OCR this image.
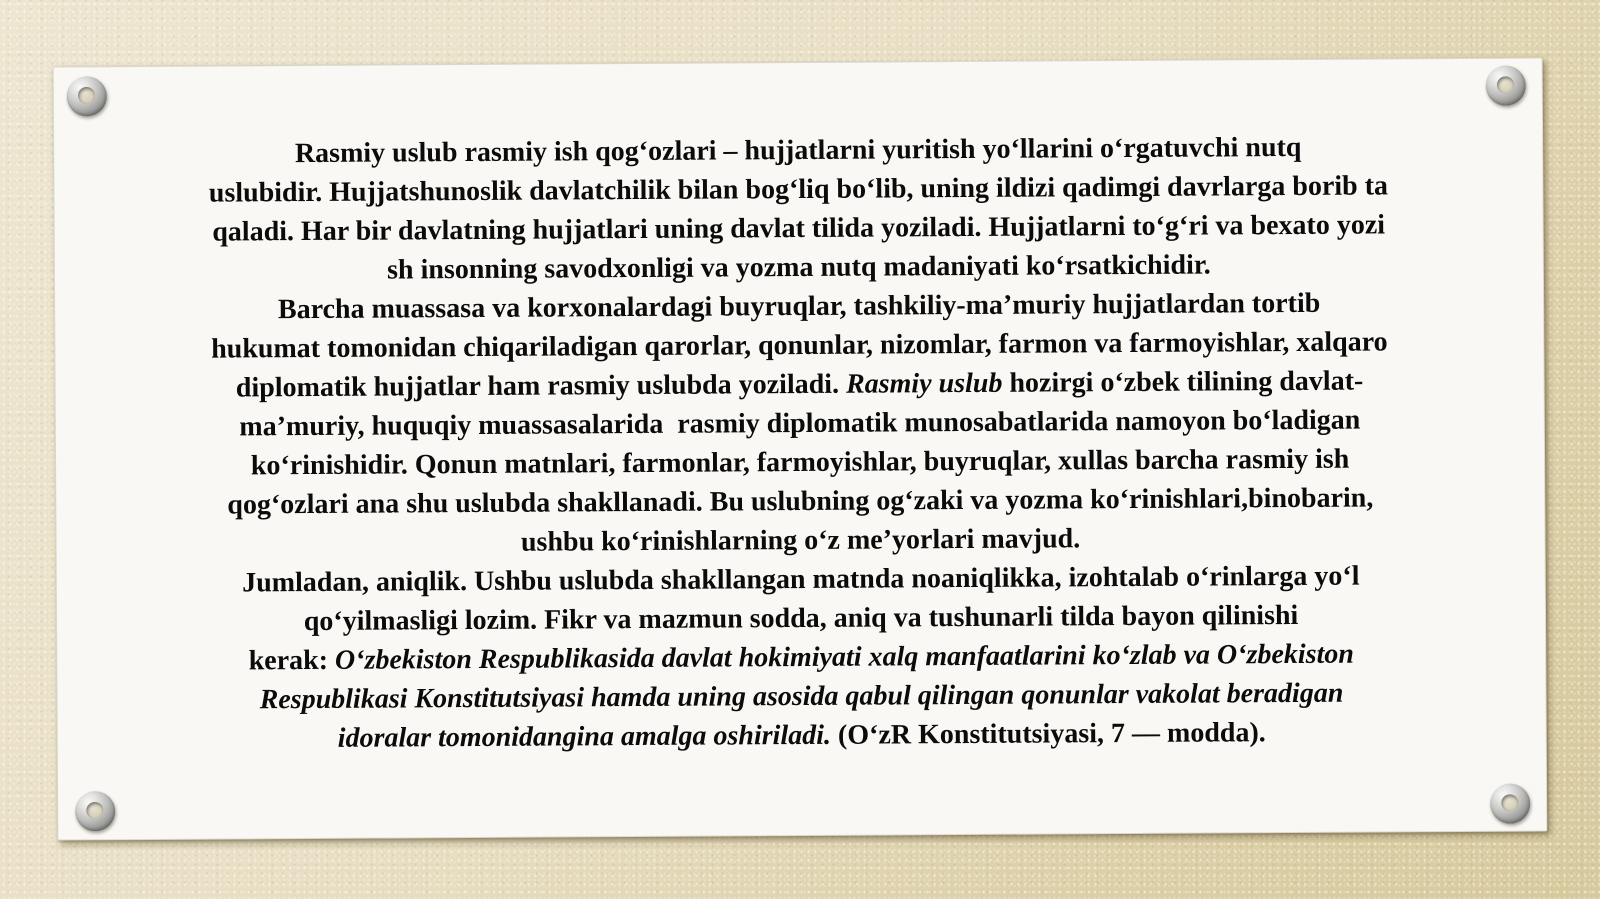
Rasmiy uslub rasmiy ish qog‘ozlari – hujjatlarni yuritish yo‘llarini o‘rgatuvchi nutq
uslubidir. Hujjatshunoslik davlatchilik bilan bog‘liq bo‘lib, uning ildizi qadimgi davrlarga borib ta
qaladi. Har bir davlatning hujjatlari uning davlat tilida yoziladi. Hujjatlarni to‘g‘ri va bexato yozi
sh insonning savodxonligi va yozma nutq madaniyati ko‘rsatkichidir.
Barcha muassasa va korxonalardagi buyruqlar, tashkiliy-ma’muriy hujjatlardan tortib
hukumat tomonidan chiqariladigan qarorlar, qonunlar, nizomlar, farmon va farmoyishlar, xalqaro
diplomatik hujjatlar ham rasmiy uslubda yoziladi. Rasmiy uslub hozirgi o‘zbek tilining davlat-
ma’muriy, huquqiy muassasalarida  rasmiy diplomatik munosabatlarida namoyon bo‘ladigan
ko‘rinishidir. Qonun matnlari, farmonlar, farmoyishlar, buyruqlar, xullas barcha rasmiy ish
qog‘ozlari ana shu uslubda shakllanadi. Bu uslubning og‘zaki va yozma ko‘rinishlari,binobarin,
ushbu ko‘rinishlarning o‘z me’yorlari mavjud.
Jumladan, aniqlik. Ushbu uslubda shakllangan matnda noaniqlikka, izohtalab o‘rinlarga yo‘l
qo‘yilmasligi lozim. Fikr va mazmun sodda, aniq va tushunarli tilda bayon qilinishi
kerak: O‘zbekiston Respublikasida davlat hokimiyati xalq manfaatlarini ko‘zlab va O‘zbekiston
Respublikasi Konstitutsiyasi hamda uning asosida qabul qilingan qonunlar vakolat beradigan
idoralar tomonidangina amalga oshiriladi. (O‘zR Konstitutsiyasi, 7 — modda).
